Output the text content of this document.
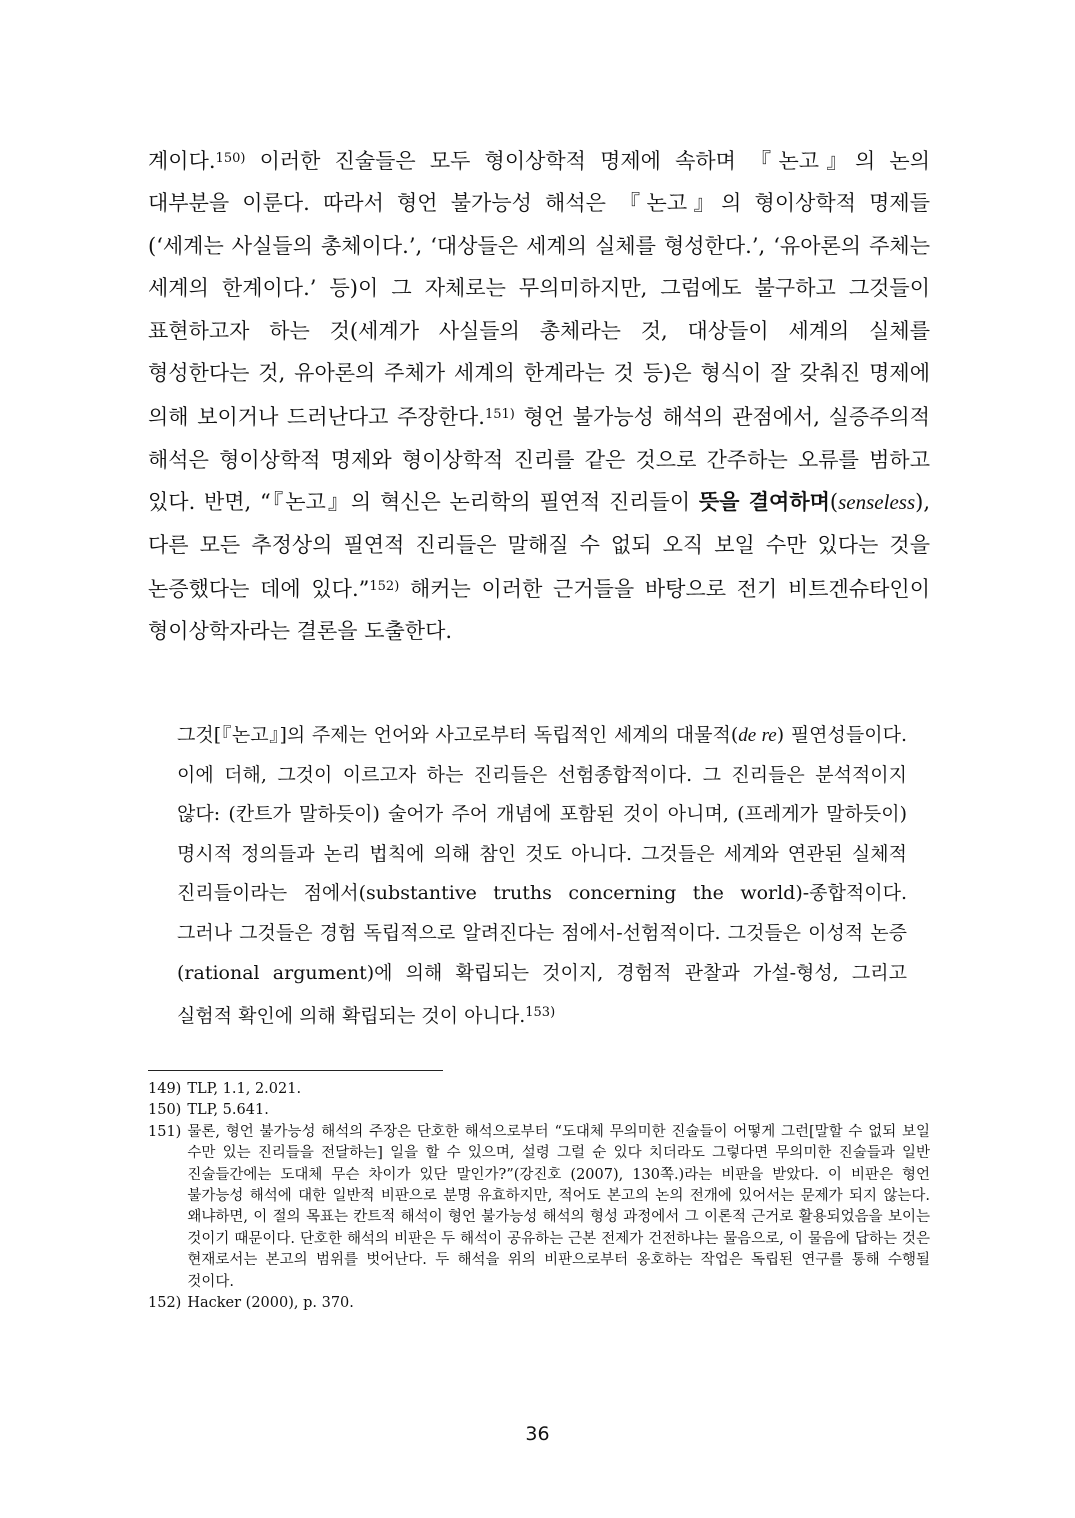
계이다.$^{150)}$ 이러한 진술들은 모두 형이상학적 명제에 속하며 『논고』의 논의 대부분을 이룬다. 따라서 형언 불가능성 해석은 『논고』의 형이상학적 명제들(‘세계는 사실들의 총체이다.’, ‘대상들은 세계의 실체를 형성한다.’, ‘유아론의 주체는 세계의 한계이다.’ 등)이 그 자체로는 무의미하지만, 그럼에도 불구하고 그것들이 표현하고자 하는 것(세계가 사실들의 총체라는 것, 대상들이 세계의 실체를 형성한다는 것, 유아론의 주체가 세계의 한계라는 것 등)은 형식이 잘 갖춰진 명제에 의해 보이거나 드러난다고 주장한다.$^{151)}$ 형언 불가능성 해석의 관점에서, 실증주의적 해석은 형이상학적 명제와 형이상학적 진리를 같은 것으로 간주하는 오류를 범하고 있다. 반면, “『논고』의 혁신은 논리학의 필연적 진리들이 뜻을 결여하며(senseless), 다른 모든 추정상의 필연적 진리들은 말해질 수 없되 오직 보일 수만 있다는 것을 논증했다는 데에 있다.”$^{152)}$ 해커는 이러한 근거들을 바탕으로 전기 비트겐슈타인이 형이상학자라는 결론을 도출한다.
그것[『논고』]의 주제는 언어와 사고로부터 독립적인 세계의 대물적(de re) 필연성들이다. 이에 더해, 그것이 이르고자 하는 진리들은 선험종합적이다. 그 진리들은 분석적이지 않다: (칸트가 말하듯이) 술어가 주어 개념에 포함된 것이 아니며, (프레게가 말하듯이) 명시적 정의들과 논리 법칙에 의해 참인 것도 아니다. 그것들은 세계와 연관된 실체적 진리들이라는 점에서(substantive truths concerning the world)-종합적이다. 그러나 그것들은 경험 독립적으로 알려진다는 점에서-선험적이다. 그것들은 이성적 논증(rational argument)에 의해 확립되는 것이지, 경험적 관찰과 가설-형성, 그리고 실험적 확인에 의해 확립되는 것이 아니다.$^{153)}$
149) TLP, 1.1, 2.021.
150) TLP, 5.641.
151) 물론, 형언 불가능성 해석의 주장은 단호한 해석으로부터 “도대체 무의미한 진술들이 어떻게 그런[말할 수 없되 보일 수만 있는 진리들을 전달하는] 일을 할 수 있으며, 설령 그럴 순 있다 치더라도 그렇다면 무의미한 진술들과 일반 진술들간에는 도대체 무슨 차이가 있단 말인가?”(강진호 (2007), 130쪽.)라는 비판을 받았다. 이 비판은 형언 불가능성 해석에 대한 일반적 비판으로 분명 유효하지만, 적어도 본고의 논의 전개에 있어서는 문제가 되지 않는다. 왜냐하면, 이 절의 목표는 칸트적 해석이 형언 불가능성 해석의 형성 과정에서 그 이론적 근거로 활용되었음을 보이는 것이기 때문이다. 단호한 해석의 비판은 두 해석이 공유하는 근본 전제가 건전하냐는 물음으로, 이 물음에 답하는 것은 현재로서는 본고의 범위를 벗어난다. 두 해석을 위의 비판으로부터 옹호하는 작업은 독립된 연구를 통해 수행될 것이다.
152) Hacker (2000), p. 370.
36
